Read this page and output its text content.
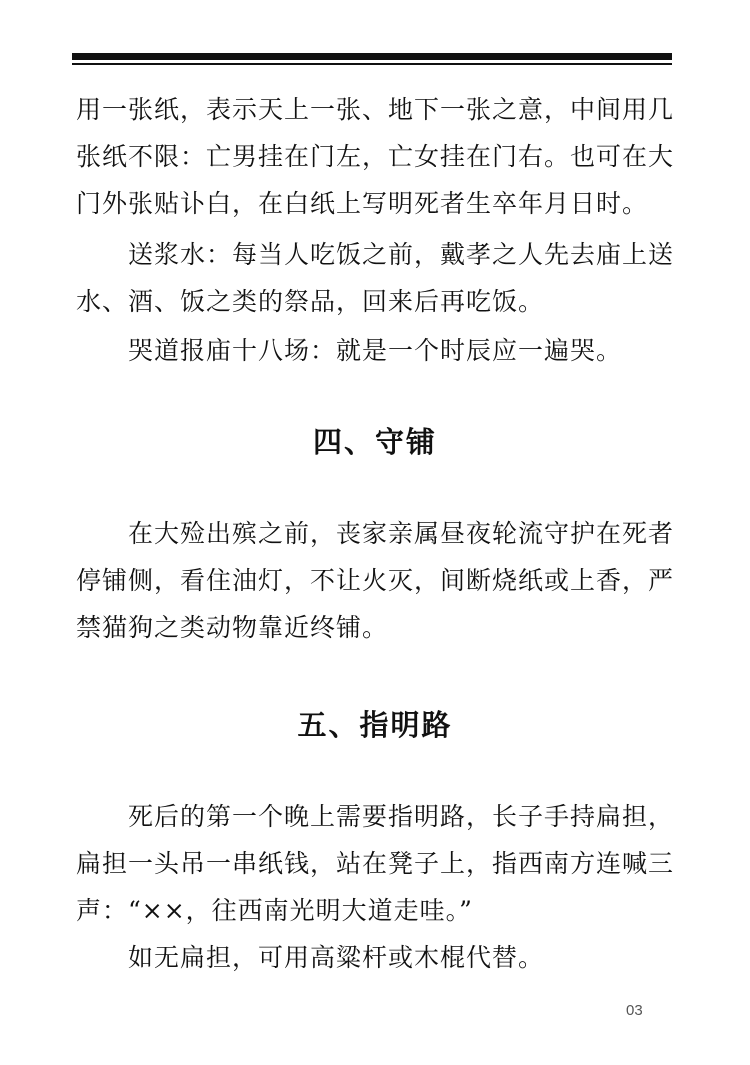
用一张纸，表示天上一张、地下一张之意，中间用几
张纸不限：亡男挂在门左，亡女挂在门右。也可在大
门外张贴讣白，在白纸上写明死者生卒年月日时。
　　送浆水：每当人吃饭之前，戴孝之人先去庙上送
水、酒、饭之类的祭品，回来后再吃饭。
　　哭道报庙十八场：就是一个时辰应一遍哭。
四、守铺
　　在大殓出殡之前，丧家亲属昼夜轮流守护在死者
停铺侧，看住油灯，不让火灭，间断烧纸或上香，严
禁猫狗之类动物靠近终铺。
五、指明路
　　死后的第一个晚上需要指明路，长子手持扁担，
扁担一头吊一串纸钱，站在凳子上，指西南方连喊三
声：“××，往西南光明大道走哇。”
　　如无扁担，可用高粱杆或木棍代替。
03
